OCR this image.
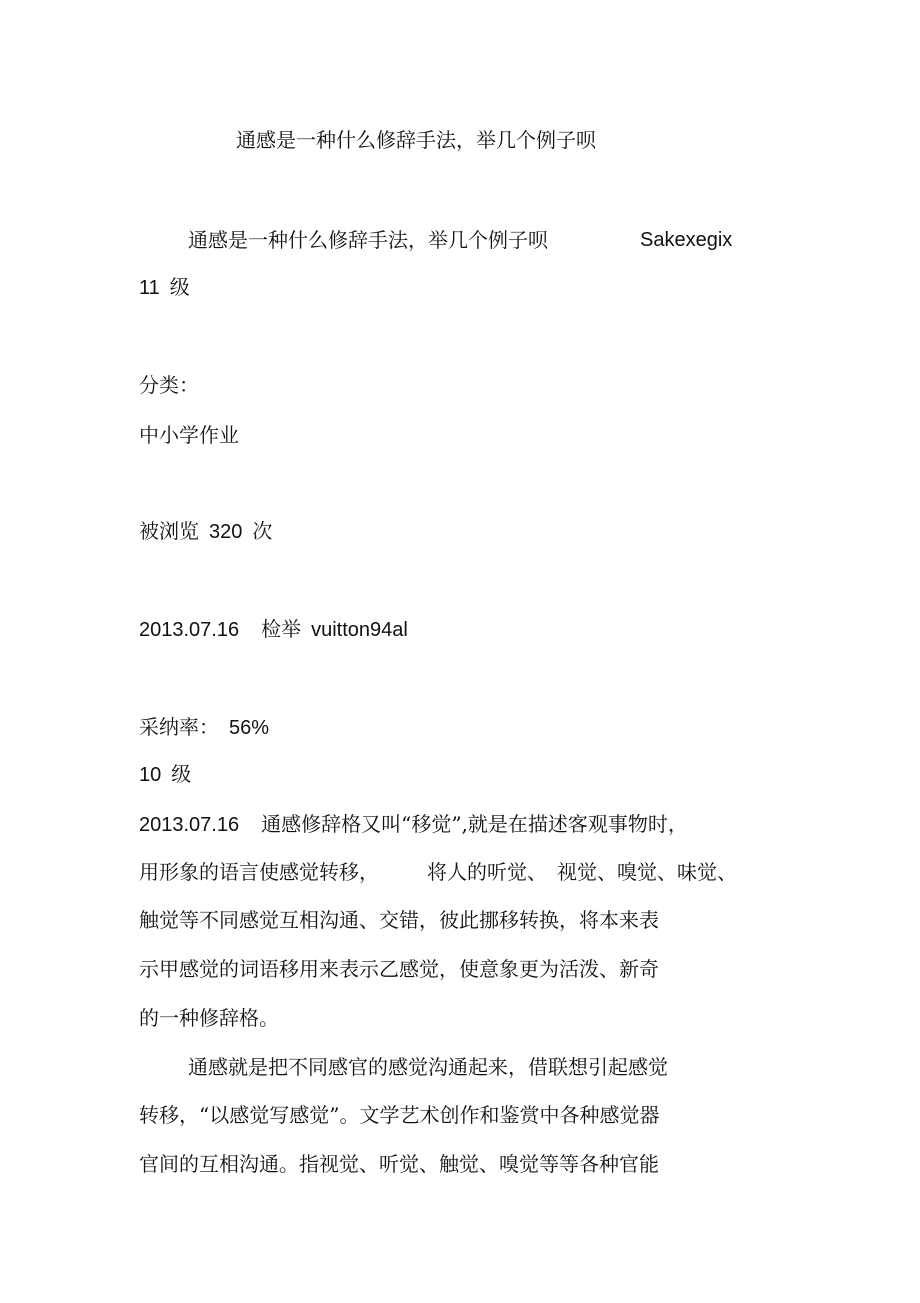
通感是一种什么修辞手法，举几个例子呗
通感是一种什么修辞手法，举几个例子呗	Sakexegix
11 级
分类：
中小学作业
被浏览 320 次
2013.07.16 检举 vuitton94al
采纳率： 56%
10 级
2013.07.16 通感修辞格又叫“移觉”,就是在描述客观事物时，
用形象的语言使感觉转移， 将人的听觉、 视觉、嗅觉、味觉、
触觉等不同感觉互相沟通、交错，彼此挪移转换，将本来表
示甲感觉的词语移用来表示乙感觉，使意象更为活泼、新奇
的一种修辞格。
通感就是把不同感官的感觉沟通起来，借联想引起感觉
转移，“以感觉写感觉”。文学艺术创作和鉴赏中各种感觉器
官间的互相沟通。指视觉、听觉、触觉、嗅觉等等各种官能
